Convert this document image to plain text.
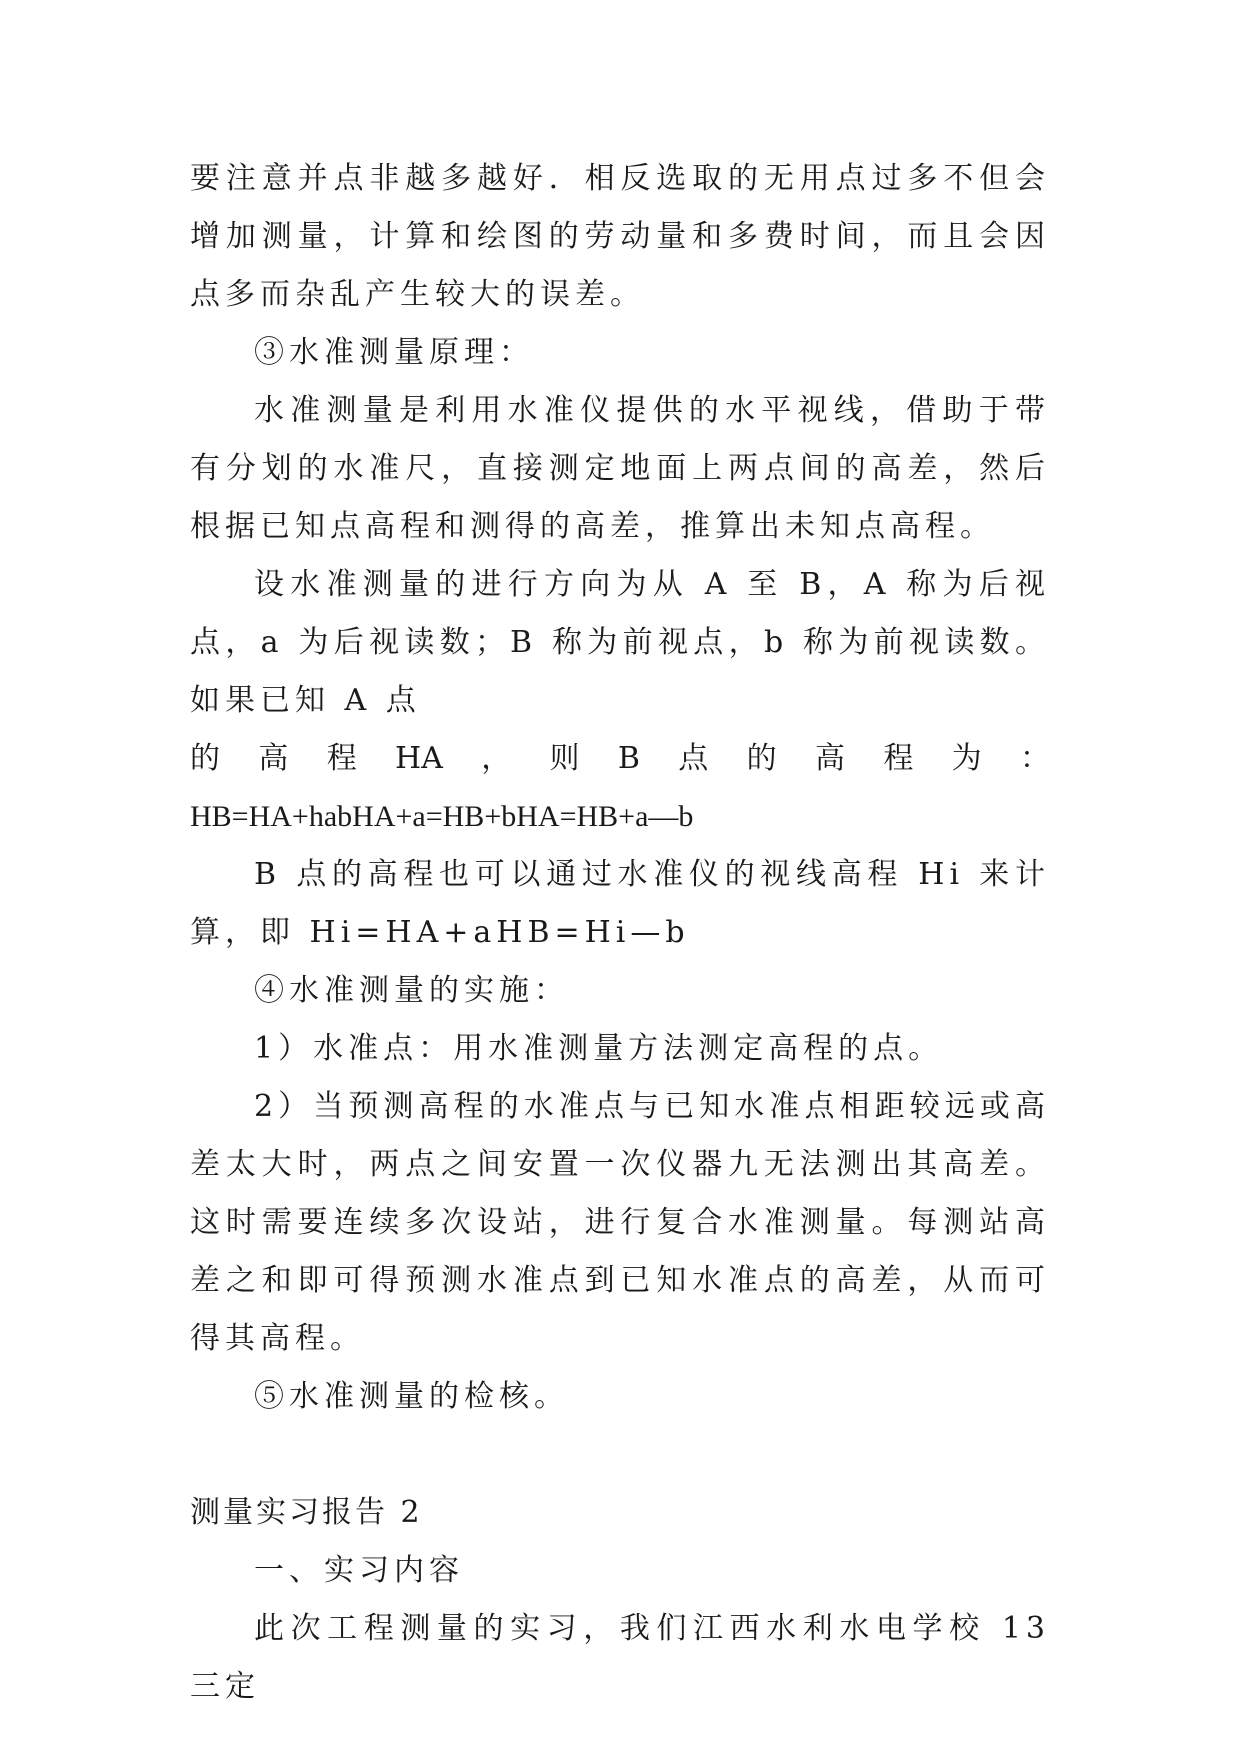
要注意并点非越多越好．相反选取的无用点过多不但会增加测量，计算和绘图的劳动量和多费时间，而且会因点多而杂乱产生较大的误差。

③水准测量原理：

水准测量是利用水准仪提供的水平视线，借助于带有分划的水准尺，直接测定地面上两点间的高差，然后根据已知点高程和测得的高差，推算出未知点高程。

设水准测量的进行方向为从 A 至 B，A 称为后视点，a 为后视读数；B 称为前视点，b 称为前视读数。如果已知 A 点

的 高 程 HA ， 则 B 点 的 高 程 为 ：

HB=HA+habHA+a=HB+bHA=HB+a—b

B 点的高程也可以通过水准仪的视线高程 Hi 来计算，即 Hi=HA+aHB=Hi—b

④水准测量的实施：

1）水准点：用水准测量方法测定高程的点。

2）当预测高程的水准点与已知水准点相距较远或高差太大时，两点之间安置一次仪器九无法测出其高差。这时需要连续多次设站，进行复合水准测量。每测站高差之和即可得预测水准点到已知水准点的高差，从而可得其高程。

⑤水准测量的检核。

测量实习报告 2

一、实习内容

此次工程测量的实习，我们江西水利水电学校 13 三定
